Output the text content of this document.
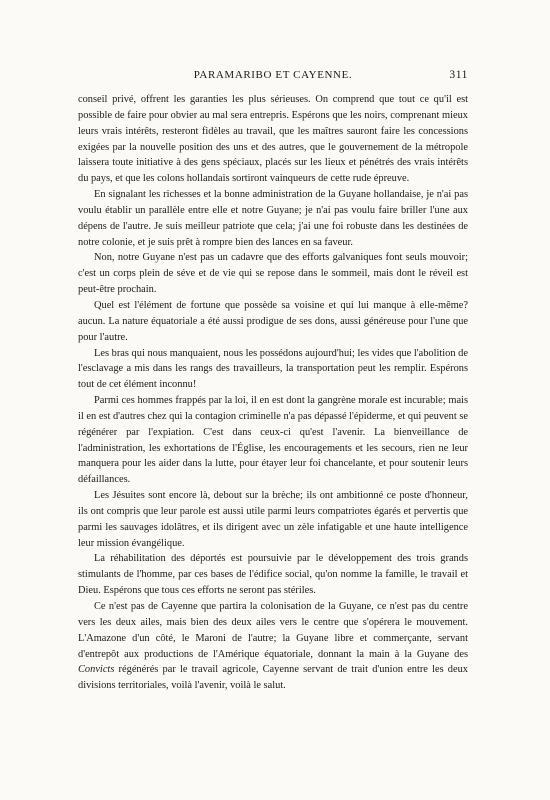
PARAMARIBO ET CAYENNE.	311

conseil privé, offrent les garanties les plus sérieuses. On comprend que tout ce qu'il est possible de faire pour obvier au mal sera entrepris. Espérons que les noirs, comprenant mieux leurs vrais intérêts, resteront fidèles au travail, que les maîtres sauront faire les concessions exigées par la nouvelle position des uns et des autres, que le gouvernement de la métropole laissera toute initiative à des gens spéciaux, placés sur les lieux et pénétrés des vrais intérêts du pays, et que les colons hollandais sortiront vainqueurs de cette rude épreuve.

En signalant les richesses et la bonne administration de la Guyane hollandaise, je n'ai pas voulu établir un parallèle entre elle et notre Guyane; je n'ai pas voulu faire briller l'une aux dépens de l'autre. Je suis meilleur patriote que cela; j'ai une foi robuste dans les destinées de notre colonie, et je suis prêt à rompre bien des lances en sa faveur.

Non, notre Guyane n'est pas un cadavre que des efforts galvaniques font seuls mouvoir; c'est un corps plein de séve et de vie qui se repose dans le sommeil, mais dont le réveil est peut-être prochain.

Quel est l'élément de fortune que possède sa voisine et qui lui manque à elle-même? aucun. La nature équatoriale a été aussi prodigue de ses dons, aussi généreuse pour l'une que pour l'autre.

Les bras qui nous manquaient, nous les possédons aujourd'hui; les vides que l'abolition de l'esclavage a mis dans les rangs des travailleurs, la transportation peut les remplir. Espérons tout de cet élément inconnu!

Parmi ces hommes frappés par la loi, il en est dont la gangrène morale est incurable; mais il en est d'autres chez qui la contagion criminelle n'a pas dépassé l'épiderme, et qui peuvent se régénérer par l'expiation. C'est dans ceux-ci qu'est l'avenir. La bienveillance de l'administration, les exhortations de l'Église, les encouragements et les secours, rien ne leur manquera pour les aider dans la lutte, pour étayer leur foi chancelante, et pour soutenir leurs défaillances.

Les Jésuites sont encore là, debout sur la brèche; ils ont ambitionné ce poste d'honneur, ils ont compris que leur parole est aussi utile parmi leurs compatriotes égarés et pervertis que parmi les sauvages idolâtres, et ils dirigent avec un zèle infatigable et une haute intelligence leur mission évangélique.

La réhabilitation des déportés est poursuivie par le développement des trois grands stimulants de l'homme, par ces bases de l'édifice social, qu'on nomme la famille, le travail et Dieu. Espérons que tous ces efforts ne seront pas stériles.

Ce n'est pas de Cayenne que partira la colonisation de la Guyane, ce n'est pas du centre vers les deux ailes, mais bien des deux ailes vers le centre que s'opérera le mouvement. L'Amazone d'un côté, le Maroni de l'autre; la Guyane libre et commerçante, servant d'entrepôt aux productions de l'Amérique équatoriale, donnant la main à la Guyane des Convicts régénérés par le travail agricole, Cayenne servant de trait d'union entre les deux divisions territoriales, voilà l'avenir, voilà le salut.
